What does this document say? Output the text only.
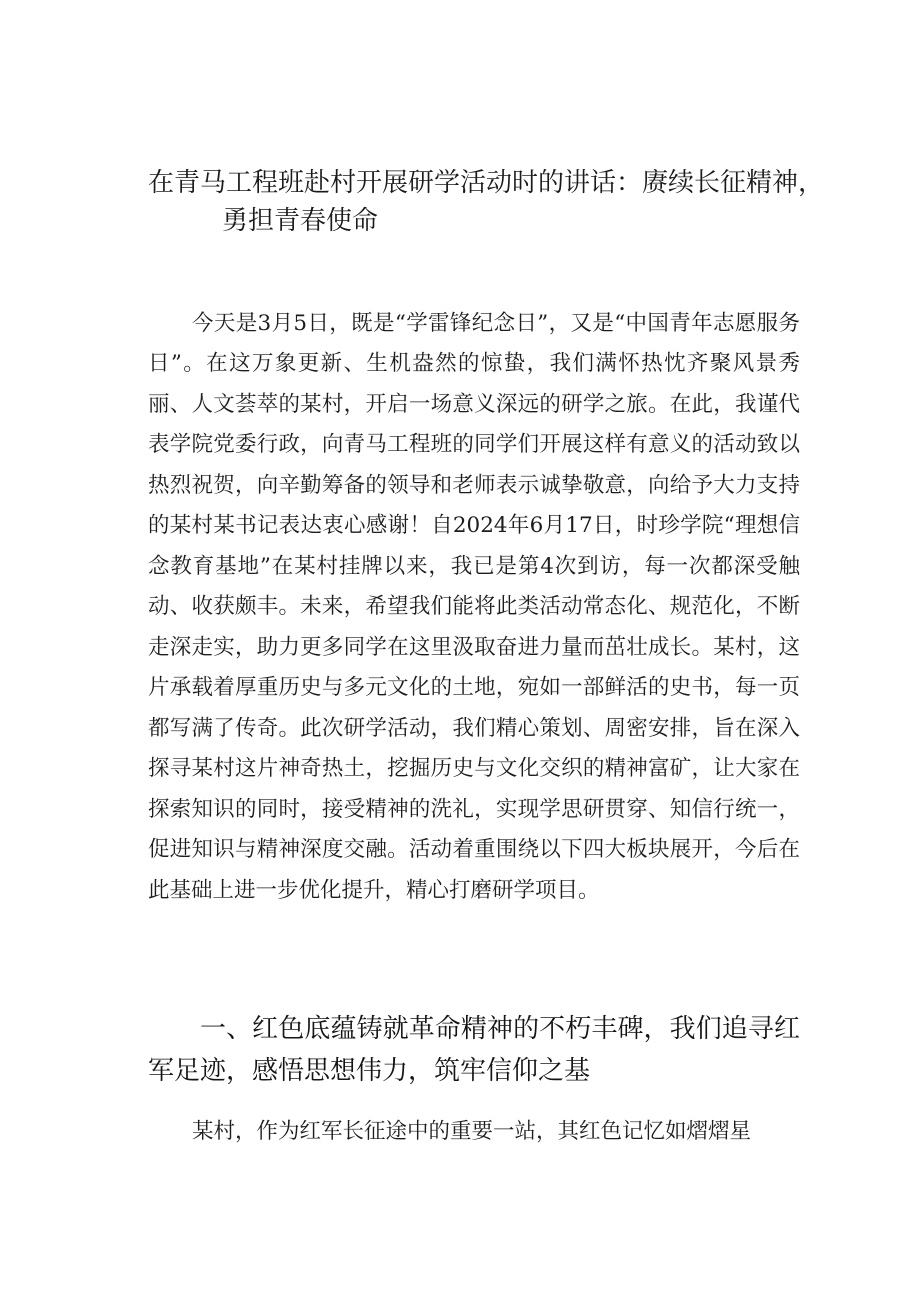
在青马工程班赴村开展研学活动时的讲话：赓续长征精神，
勇担青春使命

今天是3月5日，既是“学雷锋纪念日”，又是“中国青年志愿服务日”。在这万象更新、生机盎然的惊蛰，我们满怀热忱齐聚风景秀丽、人文荟萃的某村，开启一场意义深远的研学之旅。在此，我谨代表学院党委行政，向青马工程班的同学们开展这样有意义的活动致以热烈祝贺，向辛勤筹备的领导和老师表示诚挚敬意，向给予大力支持的某村某书记表达衷心感谢！自2024年6月17日，时珍学院“理想信念教育基地”在某村挂牌以来，我已是第4次到访，每一次都深受触动、收获颇丰。未来，希望我们能将此类活动常态化、规范化，不断走深走实，助力更多同学在这里汲取奋进力量而茁壮成长。某村，这片承载着厚重历史与多元文化的土地，宛如一部鲜活的史书，每一页都写满了传奇。此次研学活动，我们精心策划、周密安排，旨在深入探寻某村这片神奇热土，挖掘历史与文化交织的精神富矿，让大家在探索知识的同时，接受精神的洗礼，实现学思研贯穿、知信行统一，促进知识与精神深度交融。活动着重围绕以下四大板块展开，今后在此基础上进一步优化提升，精心打磨研学项目。

一、红色底蕴铸就革命精神的不朽丰碑，我们追寻红军足迹，感悟思想伟力，筑牢信仰之基

某村，作为红军长征途中的重要一站，其红色记忆如熠熠星
